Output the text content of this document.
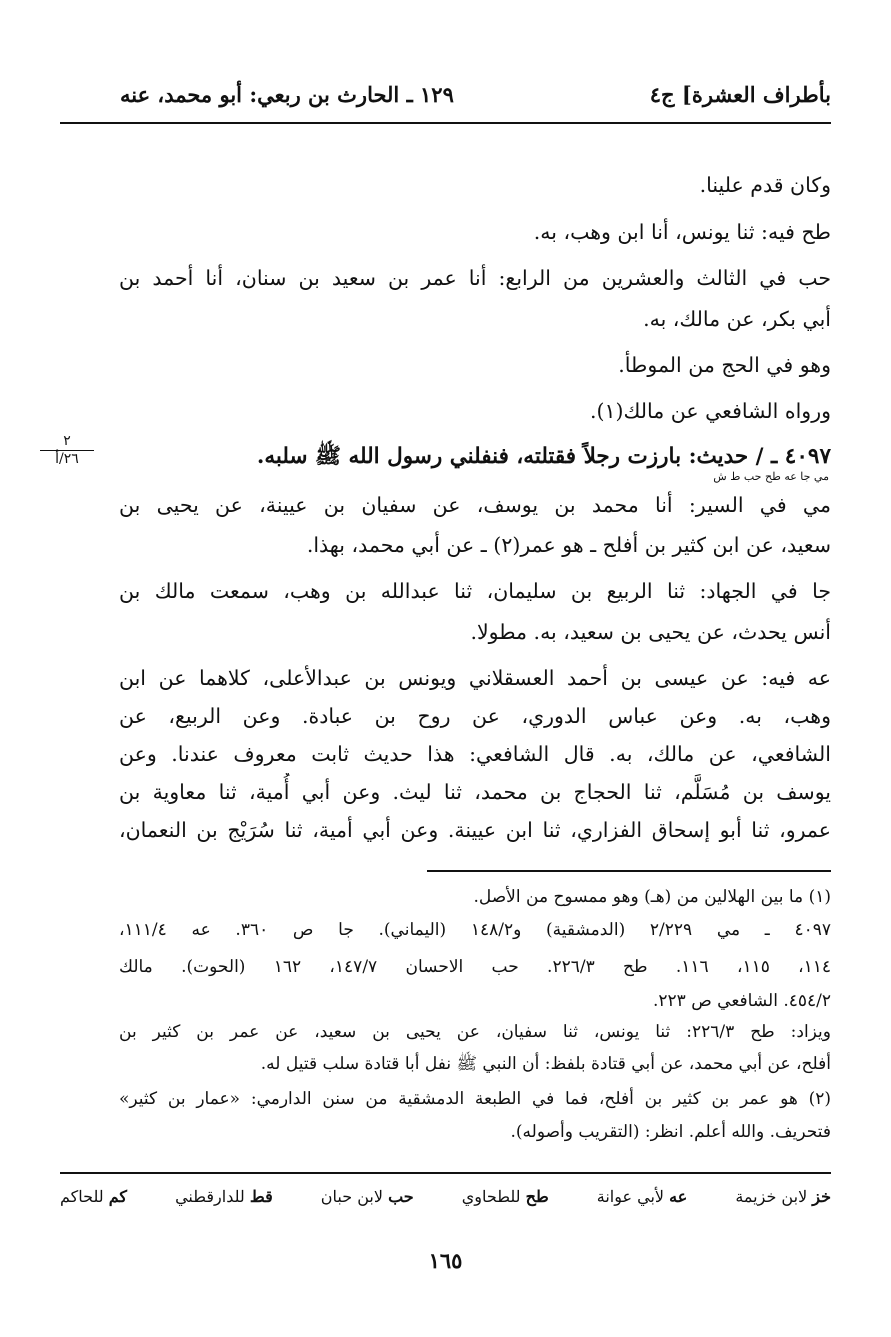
بأطراف العشرة] ج٤
١٢٩ ـ الحارث بن ربعي: أبو محمد، عنه
وكان قدم علينا.
طح فيه: ثنا يونس، أنا ابن وهب، به.
حب في الثالث والعشرين من الرابع: أنا عمر بن سعيد بن سنان، أنا أحمد بن
أبي بكر، عن مالك، به.
وهو في الحج من الموطأ.
ورواه الشافعي عن مالك(١).
٤٠٩٧ ـ / حديث: بارزت رجلاً فقتلته، فنفلني رسول الله ﷺ سلبه.
مي جا عه طح حب ط ش
٢
٢٦/أ
مي في السير: أنا محمد بن يوسف، عن سفيان بن عيينة، عن يحيى بن
سعيد، عن ابن كثير بن أفلح ـ هو عمر(٢) ـ عن أبي محمد، بهذا.
جا في الجهاد: ثنا الربيع بن سليمان، ثنا عبدالله بن وهب، سمعت مالك بن
أنس يحدث، عن يحيى بن سعيد، به. مطولا.
عه فيه: عن عيسى بن أحمد العسقلاني ويونس بن عبدالأعلى، كلاهما عن ابن
وهب، به. وعن عباس الدوري، عن روح بن عبادة. وعن الربيع، عن
الشافعي، عن مالك، به. قال الشافعي: هذا حديث ثابت معروف عندنا. وعن
يوسف بن مُسَلَّم، ثنا الحجاج بن محمد، ثنا ليث. وعن أبي أُمية، ثنا معاوية بن
عمرو، ثنا أبو إسحاق الفزاري، ثنا ابن عيينة. وعن أبي أمية، ثنا سُرَيْج بن النعمان،
(١) ما بين الهلالين من (هـ) وهو ممسوح من الأصل.
٤٠٩٧ ـ مي ٢/٢٢٩ (الدمشقية) و١٤٨/٢ (اليماني). جا ص ٣٦٠. عه ١١١/٤،
١١٤، ١١٥، ١١٦. طح ٢٢٦/٣. حب الاحسان ١٤٧/٧، ١٦٢ (الحوت). مالك
٤٥٤/٢. الشافعي ص ٢٢٣.
ويزاد: طح ٢٢٦/٣: ثنا يونس، ثنا سفيان، عن يحيى بن سعيد، عن عمر بن كثير بن
أفلح، عن أبي محمد، عن أبي قتادة بلفظ: أن النبي ﷺ نفل أبا قتادة سلب قتيل له.
(٢) هو عمر بن كثير بن أفلح، فما في الطبعة الدمشقية من سنن الدارمي: «عمار بن كثير»
فتحريف. والله أعلم. انظر: (التقريب وأصوله).
خز لابن خزيمة
عه لأبي عوانة
طح للطحاوي
حب لابن حبان
قط للدارقطني
كم للحاكم
١٦٥
